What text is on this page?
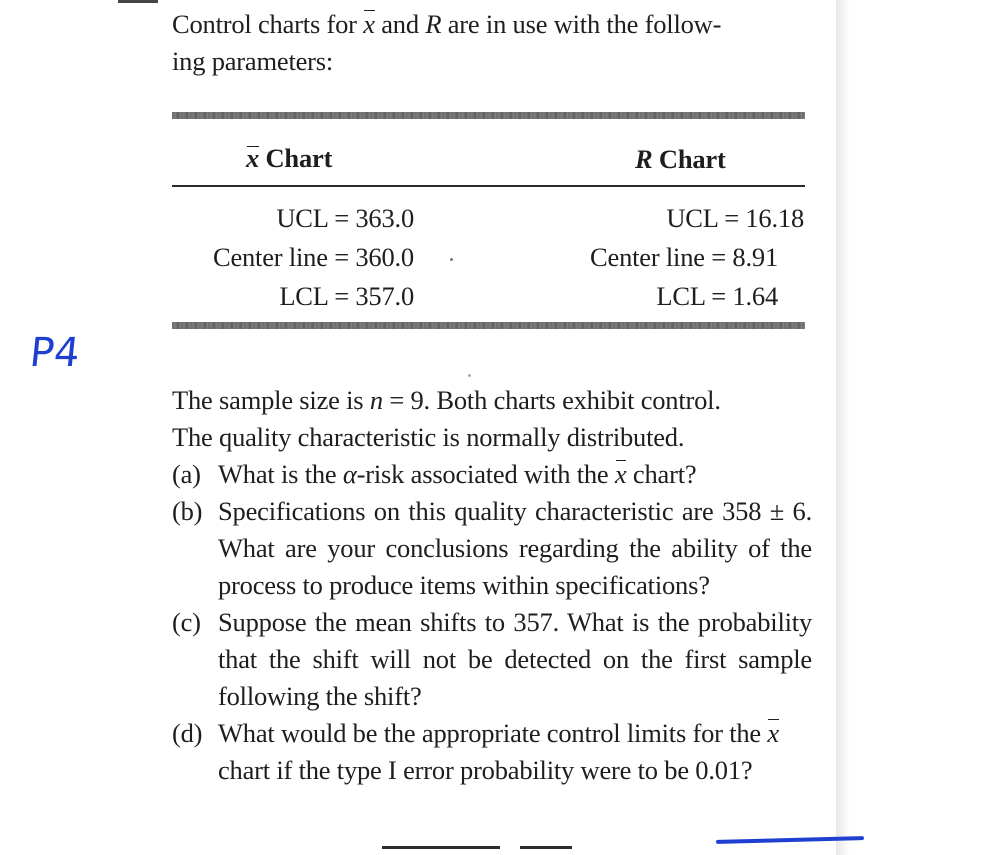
Control charts for x and R are in use with the follow-
ing parameters:
x Chart	R Chart
UCL = 363.0
Center line = 360.0
LCL = 357.0
UCL = 16.18
Center line = 8.91
LCL = 1.64
P4
The sample size is n = 9. Both charts exhibit control.
The quality characteristic is normally distributed.
(a) What is the α-risk associated with the x chart?
(b) Specifications on this quality characteristic are 358 ± 6. What are your conclusions regarding the ability of the process to produce items within specifications?
(c) Suppose the mean shifts to 357. What is the probability that the shift will not be detected on the first sample following the shift?
(d) What would be the appropriate control limits for the x chart if the type I error probability were to be 0.01?
